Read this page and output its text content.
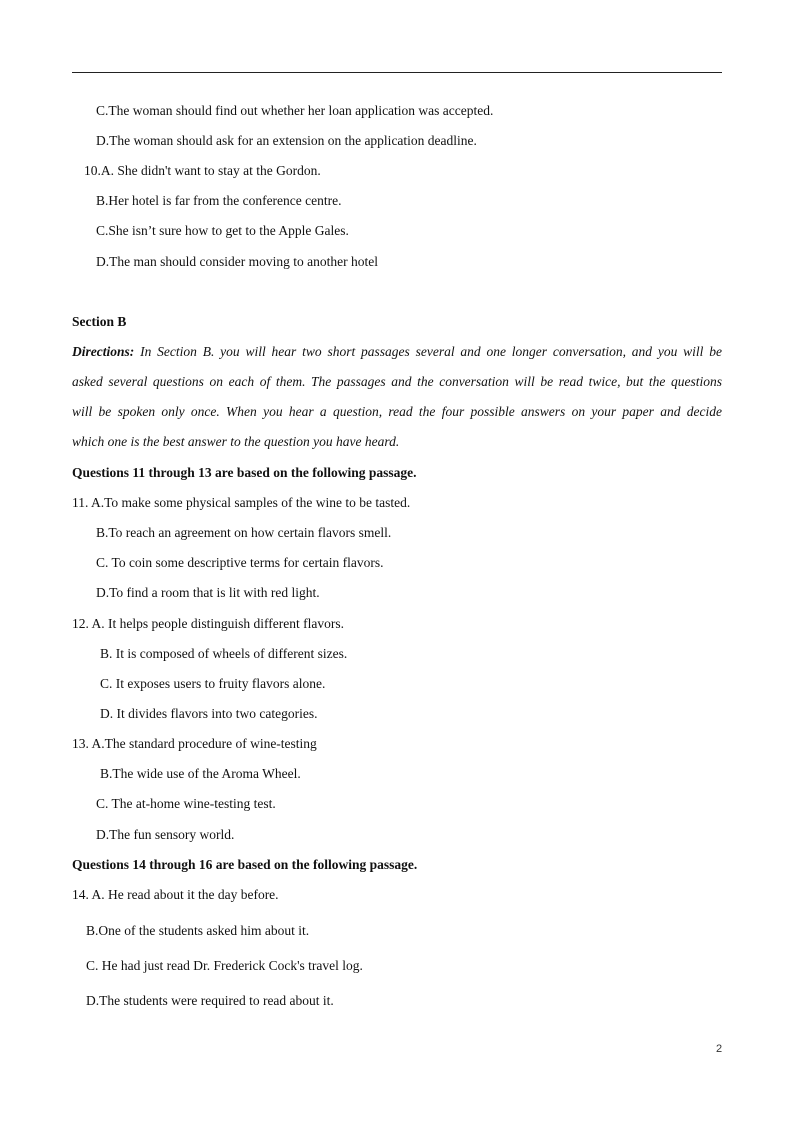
C.The woman should find out whether her loan application was accepted.
D.The woman should ask for an extension on the application deadline.
10.A. She didn't want to stay at the Gordon.
B.Her hotel is far from the conference centre.
C.She isn’t sure how to get to the Apple Gales.
D.The man should consider moving to another hotel
Section B
Directions: In Section B. you will hear two short passages several and one longer conversation, and you will be
asked several questions on each of them. The passages and the conversation will be read twice, but the questions
will be spoken only once. When you hear a question, read the four possible answers on your paper and decide
which one is the best answer to the question you have heard.
Questions 11 through 13 are based on the following passage.
11. A.To make some physical samples of the wine to be tasted.
B.To reach an agreement on how certain flavors smell.
C. To coin some descriptive terms for certain flavors.
D.To find a room that is lit with red light.
12. A. It helps people distinguish different flavors.
B. It is composed of wheels of different sizes.
C. It exposes users to fruity flavors alone.
D. It divides flavors into two categories.
13. A.The standard procedure of wine-testing
B.The wide use of the Aroma Wheel.
C. The at-home wine-testing test.
D.The fun sensory world.
Questions 14 through 16 are based on the following passage.
14. A. He read about it the day before.
B.One of the students asked him about it.
C. He had just read Dr. Frederick Cock's travel log.
D.The students were required to read about it.
2
